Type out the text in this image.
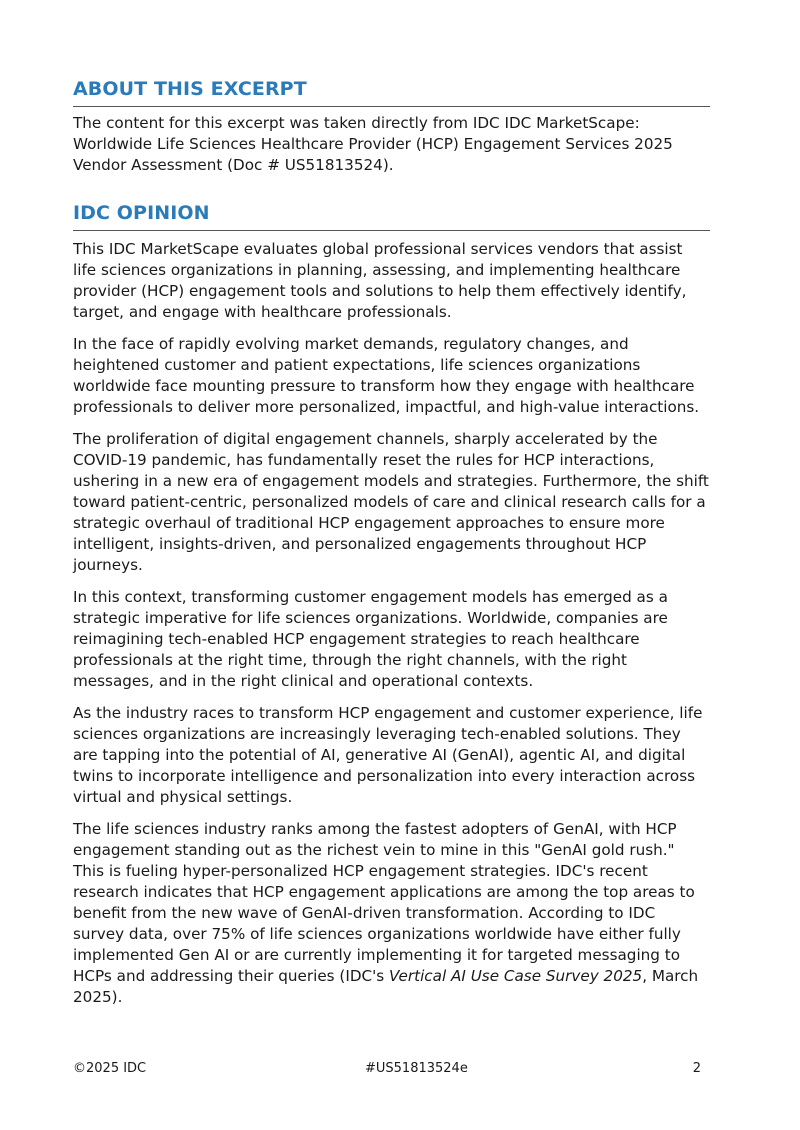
ABOUT THIS EXCERPT

The content for this excerpt was taken directly from IDC IDC MarketScape: Worldwide Life Sciences Healthcare Provider (HCP) Engagement Services 2025 Vendor Assessment (Doc # US51813524).

IDC OPINION

This IDC MarketScape evaluates global professional services vendors that assist life sciences organizations in planning, assessing, and implementing healthcare provider (HCP) engagement tools and solutions to help them effectively identify, target, and engage with healthcare professionals.

In the face of rapidly evolving market demands, regulatory changes, and heightened customer and patient expectations, life sciences organizations worldwide face mounting pressure to transform how they engage with healthcare professionals to deliver more personalized, impactful, and high-value interactions.

The proliferation of digital engagement channels, sharply accelerated by the COVID-19 pandemic, has fundamentally reset the rules for HCP interactions, ushering in a new era of engagement models and strategies. Furthermore, the shift toward patient-centric, personalized models of care and clinical research calls for a strategic overhaul of traditional HCP engagement approaches to ensure more intelligent, insights-driven, and personalized engagements throughout HCP journeys.

In this context, transforming customer engagement models has emerged as a strategic imperative for life sciences organizations. Worldwide, companies are reimagining tech-enabled HCP engagement strategies to reach healthcare professionals at the right time, through the right channels, with the right messages, and in the right clinical and operational contexts.

As the industry races to transform HCP engagement and customer experience, life sciences organizations are increasingly leveraging tech-enabled solutions. They are tapping into the potential of AI, generative AI (GenAI), agentic AI, and digital twins to incorporate intelligence and personalization into every interaction across virtual and physical settings.

The life sciences industry ranks among the fastest adopters of GenAI, with HCP engagement standing out as the richest vein to mine in this "GenAI gold rush." This is fueling hyper-personalized HCP engagement strategies. IDC's recent research indicates that HCP engagement applications are among the top areas to benefit from the new wave of GenAI-driven transformation. According to IDC survey data, over 75% of life sciences organizations worldwide have either fully implemented Gen AI or are currently implementing it for targeted messaging to HCPs and addressing their queries (IDC's Vertical AI Use Case Survey 2025, March 2025).

©2025 IDC	#US51813524e	2
